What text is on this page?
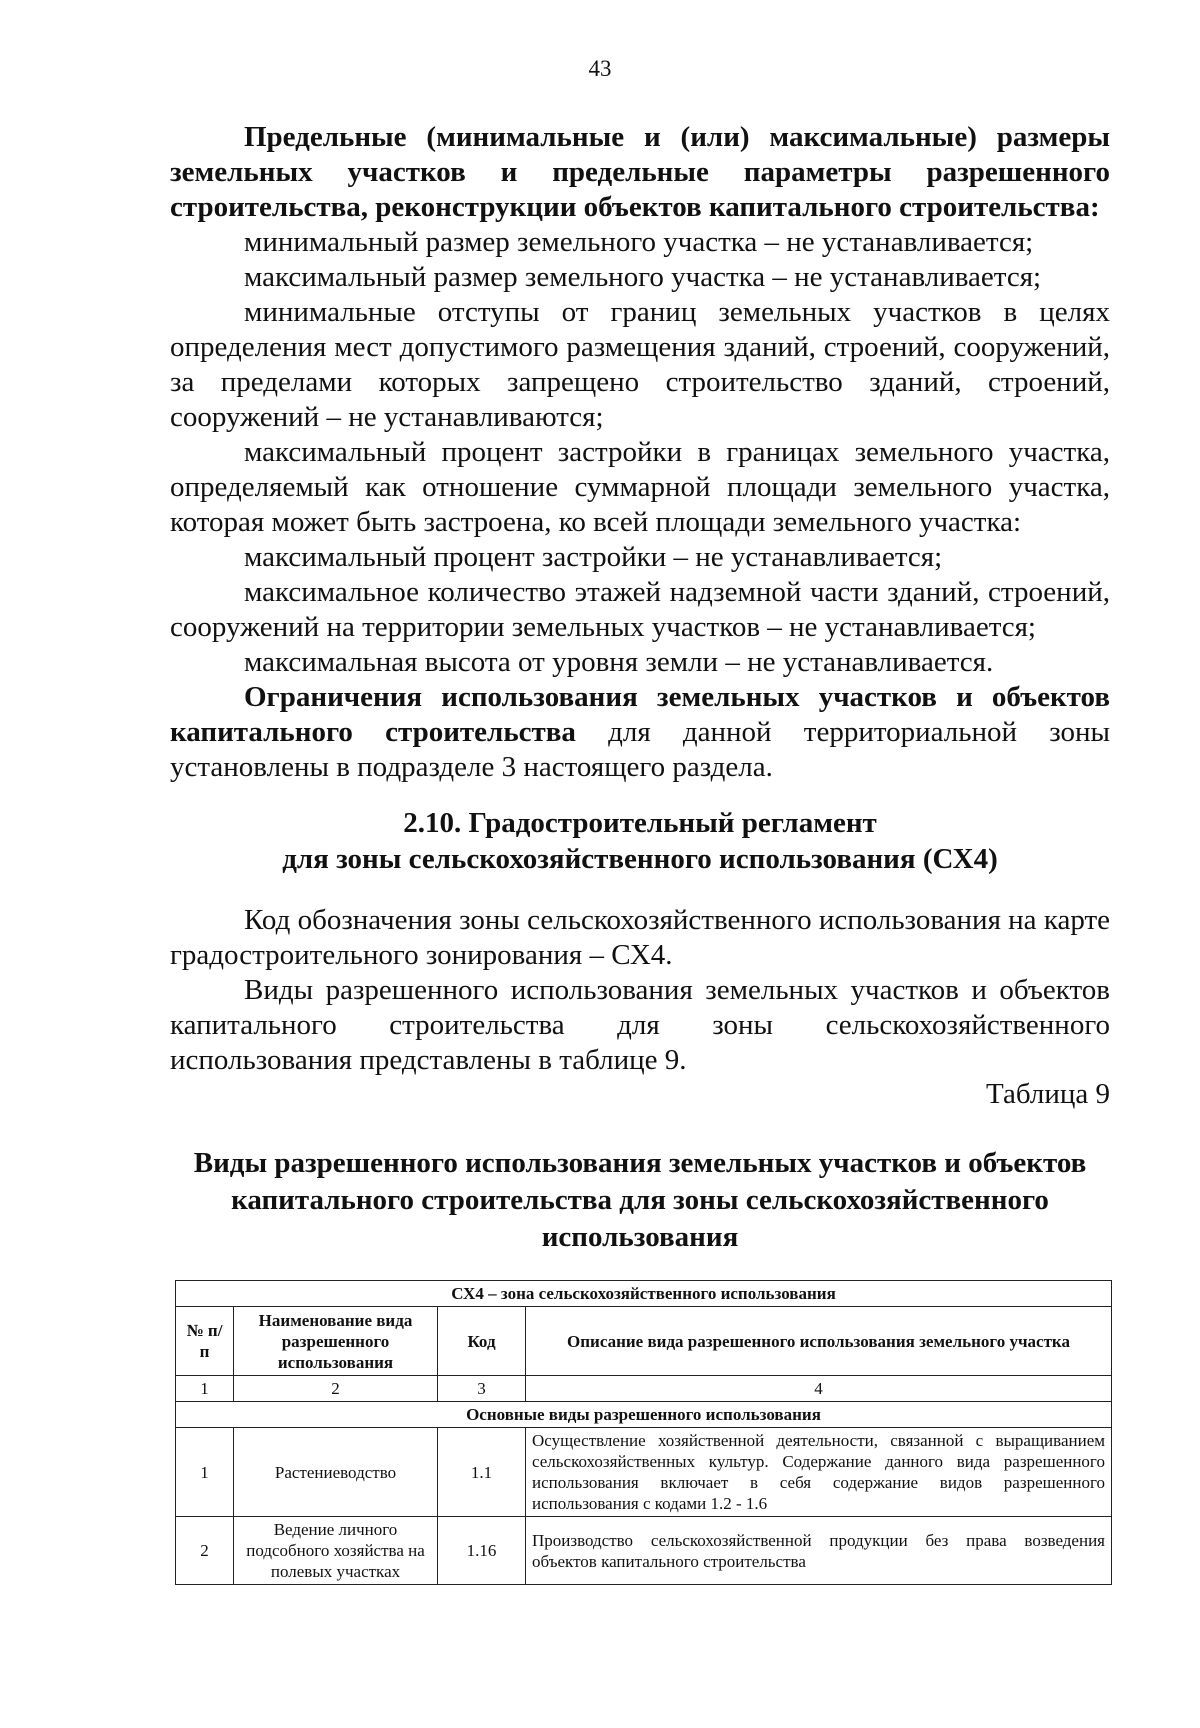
43

Предельные (минимальные и (или) максимальные) размеры земельных участков и предельные параметры разрешенного строительства, реконструкции объектов капитального строительства:

минимальный размер земельного участка – не устанавливается;

максимальный размер земельного участка – не устанавливается;

минимальные отступы от границ земельных участков в целях определения мест допустимого размещения зданий, строений, сооружений, за пределами которых запрещено строительство зданий, строений, сооружений – не устанавливаются;

максимальный процент застройки в границах земельного участка, определяемый как отношение суммарной площади земельного участка, которая может быть застроена, ко всей площади земельного участка:

максимальный процент застройки – не устанавливается;

максимальное количество этажей надземной части зданий, строений, сооружений на территории земельных участков – не устанавливается;

максимальная высота от уровня земли – не устанавливается.

Ограничения использования земельных участков и объектов капитального строительства для данной территориальной зоны установлены в подразделе 3 настоящего раздела.

2.10. Градостроительный регламент
для зоны сельскохозяйственного использования (СХ4)

Код обозначения зоны сельскохозяйственного использования на карте градостроительного зонирования – СХ4.

Виды разрешенного использования земельных участков и объектов капитального строительства для зоны сельскохозяйственного использования представлены в таблице 9.

Таблица 9
Виды разрешенного использования земельных участков и объектов
капитального строительства для зоны сельскохозяйственного
использования
СХ4 – зона сельскохозяйственного использования			
№ п/п	Наименование вида разрешенного использования	Код	Описание вида разрешенного использования земельного участка
1	2	3	4
Основные виды разрешенного использования			
1	Растениеводство	1.1	Осуществление хозяйственной деятельности, связанной с выращиванием сельскохозяйственных культур. Содержание данного вида разрешенного использования включает в себя содержание видов разрешенного использования с кодами 1.2 - 1.6
2	Ведение личного подсобного хозяйства на полевых участках	1.16	Производство сельскохозяйственной продукции без права возведения объектов капитального строительства
